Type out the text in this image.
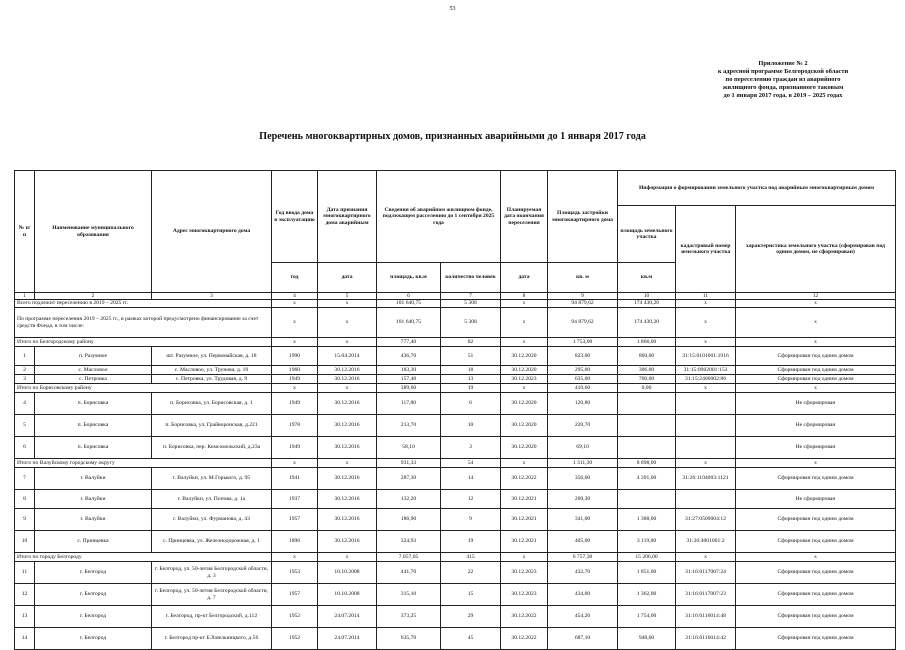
53
Приложение № 2
к адресной программе Белгородской области
по переселению граждан из аварийного
жилищного фонда, признанного таковым
до 1 января 2017 года, в 2019 – 2025 годах
Перечень многоквартирных домов, признанных аварийными до 1 января 2017 года
№ п/п	Наименование муниципального образования	Адрес многоквартирного дома	Год ввода дома в эксплуатацию	Дата признания многоквартирного дома аварийным	Сведения об аварийном жилищном фонде, подлежащем расселению до 1 сентября 2025 года		Планируемая дата окончания переселения	Площадь застройки многоквартирного дома	Информация о формировании земельного участка под аварийным многоквартирным домом		
									площадь земельного участка	кадастровый номер земельного участка	характеристика земельного участка (сформирован под одним домом, не сформирован)
			год	дата	площадь, кв.м	количество человек	дата	кв. м	кв.м		
1	2	3	4	5	6	7	8	9	10	11	12
Всего подлежит переселению в 2019 – 2025 гг.			х	х	101 640,75	5 308	х	94 879,62	174 430,20	х	х
По программе переселения 2019 – 2025 гг., в рамках которой предусмотрено финансирование за счет средств Фонда, в том числе:			х	х	101 640,75	5 308	х	94 879,62	174 430,20	х	х
Итого по Белгородскому району			х	х	777,40	82	х	1 753,00	1 866,00	х	х
1	п. Разумное	шт. Разумное, ул. Первомайская, д. 18	1990	15.04.2014	436,70	51	30.12.2020	823,00	860,00	31:15:0101001:1916	Сформирован под одним домом
2	с. Масловоо	с. Масловоо, ул. Трунова, д. 10	1960	30.12.2016	183,30	18	30.12.2020	295,00	306,00	31:15:0902001:153	Сформирован под одним домом
3	с. Петровка	с. Петровка, ул. Трудовая, д. 9	1949	30.12.2016	157,40	13	30.12.2023	635,00	700,00	31:15:2406002:86	Сформирован под одним домом
Итого по Борисовскому району			х	х	389,60	19	х	410,60	0,00	х	х
4	п. Борисовка	п. Борисовка, ул. Борисовская, д. 1	1949	30.12.2016	117,80	6	30.12.2020	120,80			Не сформирован
5	п. Борисовка	п. Борисовка, ул. Грайворонская, д.221	1978	30.12.2016	213,70	10	30.12.2020	220,70			Не сформирован
6	п. Борисовка	п. Борисовка, пер. Комсомольский, д.23а	1949	30.12.2016	58,10	3	30.12.2020	69,10			Не сформирован
Итого по Валуйскому городскому округу			х	х	931,33	54	х	1 311,30	8 898,00	х	х
7	г. Валуйки	г. Валуйки, ул. М.Горького, д. 95	1941	30.12.2016	287,30	14	30.12.2022	356,00	4 391,00	31:26:1104003:1121	Сформирован под одним домом
8	г. Валуйки	г. Валуйки, ул. Попова, д. 1а	1937	30.12.2016	132,20	12	30.12.2021	209,30			Не сформирован
9	г. Валуйки	г. Валуйки, ул. Фурманова, д. 43	1957	30.12.2016	186,90	9	30.12.2021	341,00	1 388,00	31:27:0509004:12	Сформирован под одним домом
10	с. Принцевка	с. Принцевка, ул. Железнодорожная, д. 1	1896	30.12.2016	324,93	19	30.12.2021	405,00	3 119,00	31:26:4001001:2	Сформирован под одним домом
Итого по городу Белгороду			х	х	7 057,05	415	х	6 757,30	15 206,00	х	х
11	г. Белгород	г. Белгород, ул. 50-летия Белгородской области, д. 3	1953	10.10.2008	441,70	22	30.12.2023	432,70	1 851,00	31:16:0117007:24	Сформирован под одним домом
12	г. Белгород	г. Белгород, ул. 50-летия Белгородской области, д. 7	1957	10.10.2008	315,10	15	30.12.2023	434,00	1 362,00	31:16:0117007:23	Сформирован под одним домом
13	г. Белгород	г. Белгород, пр-кт Белгородский, д.112	1952	24.07.2014	373,25	29	30.12.2022	454,20	1 754,00	31:16:0116014:48	Сформирован под одним домом
14	г. Белгород	г. Белгород пр-кт Б.Хмельницкого, д.56	1952	24.07.2014	635,70	45	30.12.2022	687,10	948,00	31:16:0116014:42	Сформирован под одним домом
